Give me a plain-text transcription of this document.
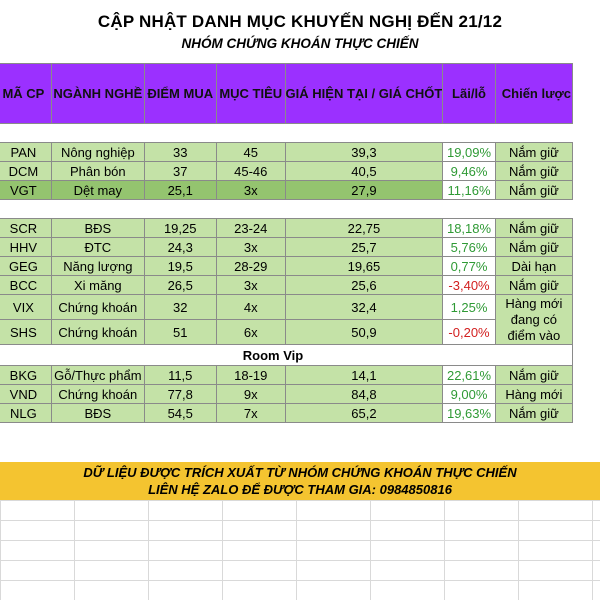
CẬP NHẬT DANH MỤC KHUYẾN NGHỊ ĐẾN 21/12
NHÓM CHỨNG KHOÁN THỰC CHIẾN
	MÃ CP	NGÀNH NGHỀ	ĐIỂM MUA	MỤC TIÊU	GIÁ HIỆN TẠI / GIÁ CHỐT	Lãi/lỗ	Chiến lược

	PAN	Nông nghiệp	33	45	39,3	19,09%	Nắm giữ
	DCM	Phân bón	37	45-46	40,5	9,46%	Nắm giữ
	VGT	Dệt may	25,1	3x	27,9	11,16%	Nắm giữ

	SCR	BĐS	19,25	23-24	22,75	18,18%	Nắm giữ
	HHV	ĐTC	24,3	3x	25,7	5,76%	Nắm giữ
	GEG	Năng lượng	19,5	28-29	19,65	0,77%	Dài hạn
	BCC	Xi măng	26,5	3x	25,6	-3,40%	Nắm giữ
	VIX	Chứng khoán	32	4x	32,4	1,25%	Hàng mới đang có điểm vào
	SHS	Chứng khoán	51	6x	50,9	-0,20%	
Room Vip							
	BKG	Gỗ/Thực phẩm	11,5	18-19	14,1	22,61%	Nắm giữ
	VND	Chứng khoán	77,8	9x	84,8	9,00%	Hàng mới
	NLG	BĐS	54,5	7x	65,2	19,63%	Nắm giữ
DỮ LIỆU ĐƯỢC TRÍCH XUẤT TỪ NHÓM CHỨNG KHOÁN THỰC CHIẾN
LIÊN HỆ ZALO ĐỂ ĐƯỢC THAM GIA: 0984850816
